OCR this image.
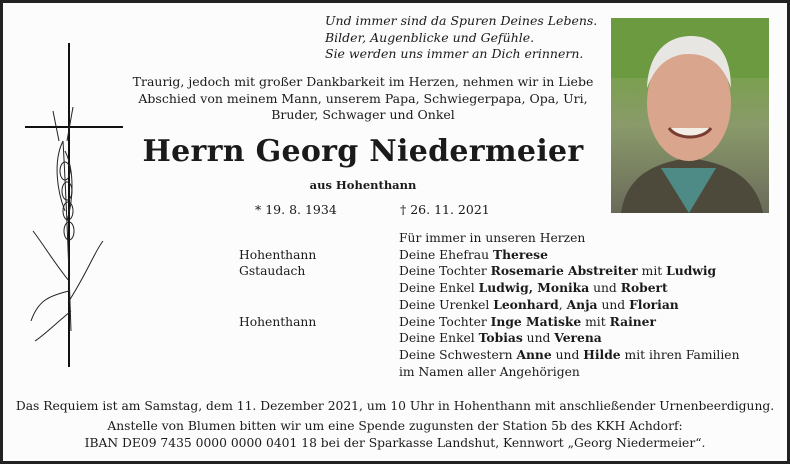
Und immer sind da Spuren Deines Lebens.
Bilder, Augenblicke und Gefühle.
Sie werden uns immer an Dich erinnern.
Traurig, jedoch mit großer Dankbarkeit im Herzen, nehmen wir in Liebe
Abschied von meinem Mann, unserem Papa, Schwiegerpapa, Opa, Uri,
Bruder, Schwager und Onkel
Herrn Georg Niedermeier
aus Hohenthann
* 19. 8. 1934	† 26. 11. 2021
Für immer in unseren Herzen
Hohenthann	Deine Ehefrau Therese
Gstaudach	Deine Tochter Rosemarie Abstreiter mit Ludwig
Deine Enkel Ludwig, Monika und Robert
Deine Urenkel Leonhard, Anja und Florian
Hohenthann	Deine Tochter Inge Matiske mit Rainer
Deine Enkel Tobias und Verena
Deine Schwestern Anne und Hilde mit ihren Familien
im Namen aller Angehörigen
Das Requiem ist am Samstag, dem 11. Dezember 2021, um 10 Uhr in Hohenthann mit anschließender Urnenbeerdigung.
Anstelle von Blumen bitten wir um eine Spende zugunsten der Station 5b des KKH Achdorf:
IBAN DE09 7435 0000 0000 0401 18 bei der Sparkasse Landshut, Kennwort „Georg Niedermeier“.
